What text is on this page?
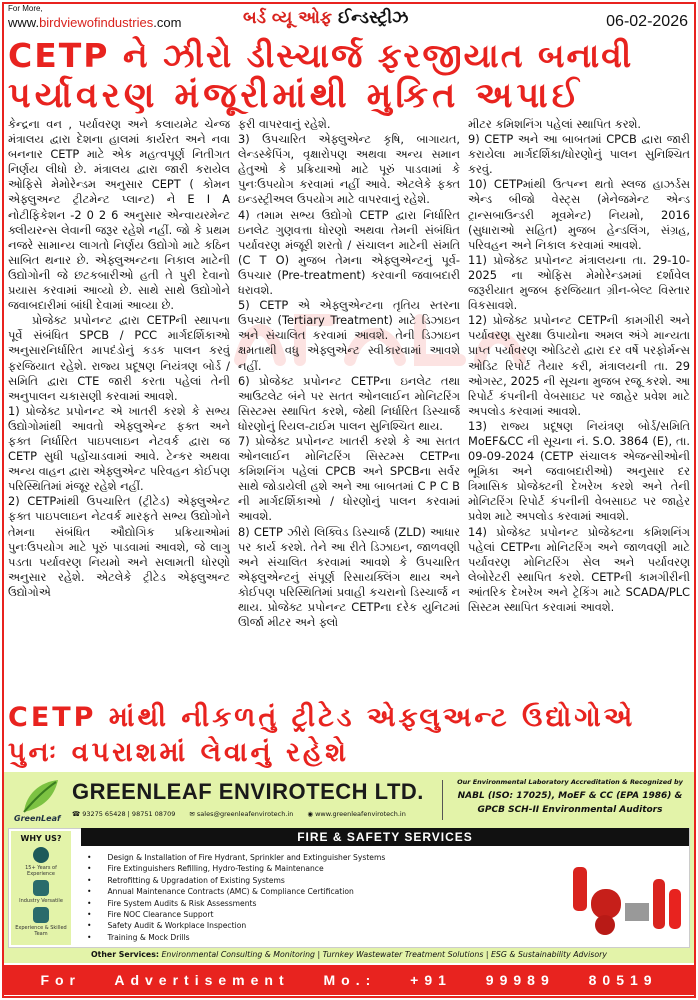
For More,
www.birdviewofindustries.com	બર્ડ વ્યૂ ઓફ ઈન્ડસ્ટ્રીઝ	06-02-2026
CETP ને ઝીરો ડીસ્ચાર્જ ફરજીયાત બનાવી
પર્યાવરણ મંજૂરીમાંથી મુકિત અપાઈ

કેન્દ્રના વન , પર્યાવરણ અને કલાયમેટ ચેન્જ મંત્રાલય દ્વારા દેશના હાલમાં કાર્યરત અને નવા બનનાર CETP માટે એક મહત્વપૂર્ણ નિતીગત નિર્ણય લીધો છે. મંત્રાલય દ્વારા જારી કરાયેલ ઓફિસે મેમોરેન્ડમ અનુસાર CEPT ( કોમન એફ્લુઅન્ટ ટ્રીટમેન્ટ પ્લાન્ટ) ને E I A નોટીફિકેશન -2 0 2 6 અનુસાર એન્વાયરમેન્ટ ક્લીયરન્સ લેવાની જરૂર રહેશે નહીં. જો કે પ્રથમ નજરે સામાન્ય લાગતો નિર્ણય ઉદ્યોગો માટે કઠિન સાબિત થનાર છે. એફ્લુઅન્ટના નિકાલ માટેની ઉદ્યોગોની જે છટકબારીઓ હતી તે પુરી દેવાનો પ્રયાસ કરવામાં આવ્યો છે. સાથે સાથે ઉદ્યોગોને જવાબદારીમાં બાંધી દેવામાં આવ્યા છે.

પ્રોજેક્ટ પ્રપોનન્ટ દ્વારા CETPની સ્થાપના પૂર્વે સંબંધિત SPCB / PCC માર્ગદર્શિકાઓ અનુસારનિર્ધારિત માપદંડોનું કડક પાલન કરવું ફરજિયાત રહેશે. રાજ્ય પ્રદૂષણ નિયંત્રણ બોર્ડ / સમિતિ દ્વારા CTE જારી કરતા પહેલાં તેની અનુપાલન ચકાસણી કરવામાં આવશે.

1) પ્રોજેક્ટ પ્રપોનન્ટ એ ખાતરી કરશે કે સભ્ય ઉદ્યોગોમાંથી આવતો એફ્લુએન્ટ ફક્ત અને ફક્ત નિર્ધારિત પાઇપલાઇન નેટવર્ક દ્વારા જ CETP સુધી પહોંચાડવામાં આવે. ટેન્કર અથવા અન્ય વાહન દ્વારા એફ્લુએન્ટ પરિવહન કોઈપણ પરિસ્થિતિમાં મંજૂર રહેશે નહીં.

2) CETPમાંથી ઉપચારિત (ટ્રીટેડ) એફ્લુએન્ટ ફક્ત પાઇપલાઇન નેટવર્ક મારફતે સભ્ય ઉદ્યોગોને તેમના સંબંધિત ઔદ્યોગિક પ્રક્રિયાઓમાં પુનઃઉપયોગ માટે પૂરું પાડવામાં આવશે, જે લાગુ પડતા પર્યાવરણ નિયમો અને સલામતી ધોરણો અનુસાર રહેશે. એટલેકે ટ્રીટેડ એફ્લુઅન્ટ ઉદ્યોગોએ

ફરી વાપરવાનું રહેશે.

3) ઉપચારિત એફ્લુએન્ટ કૃષિ, બાગાયત, લેન્ડસ્કેપિંગ, વૃક્ષારોપણ અથવા અન્ય સમાન હેતુઓ કે પ્રક્રિયાઓ માટે પૂરું પાડવામાં કે પુનઃઉપયોગ કરવામાં નહીં આવે. એટલેકે ફક્ત ઇન્ડસ્ટ્રીઅલ ઉપયોગ માટે વાપરવાનું રહેશે.

4) તમામ સભ્ય ઉદ્યોગો CETP દ્વારા નિર્ધારિત ઇનલેટ ગુણવત્તા ધોરણો અથવા તેમની સંબંધિત પર્યાવરણ મંજૂરી શરતો / સંચાલન માટેની સંમતિ (C T O) મુજબ તેમના એફ્લુએન્ટનું પૂર્વ-ઉપચાર (Pre-treatment) કરવાની જવાબદારી ધરાવશે.

5) CETP એ એફ્લુએન્ટના તૃતિય સ્તરના ઉપચાર (Tertiary Treatment) માટે ડિઝાઇન અને સંચાલિત કરવામાં આવશે. તેની ડિઝાઇન ક્ષમતાથી વધુ એફ્લુએન્ટ સ્વીકારવામાં આવશે નહીં.

6) પ્રોજેક્ટ પ્રપોનન્ટ CETPના ઇનલેટ તથા આઉટલેટ બંને પર સતત ઓનલાઈન મોનિટરિંગ સિસ્ટમ્સ સ્થાપિત કરશે, જેથી નિર્ધારિત ડિસ્ચાર્જ ધોરણોનું રિયલ-ટાઈમ પાલન સુનિશ્ચિત થાય.

7) પ્રોજેક્ટ પ્રપોનન્ટ ખાતરી કરશે કે આ સતત ઓનલાઈન મોનિટરિંગ સિસ્ટમ્સ CETPના કમિશનિંગ પહેલાં CPCB અને SPCBના સર્વર સાથે જોડાયેલી હશે અને આ બાબતમાં C P C B ની માર્ગદર્શિકાઓ / ધોરણોનું પાલન કરવામાં આવશે.

8) CETP ઝીરો લિક્વિડ ડિસ્ચાર્જ (ZLD) આધાર પર કાર્ય કરશે. તેને આ રીતે ડિઝાઇન, જાળવણી અને સંચાલિત કરવામાં આવશે કે ઉપચારિત એફ્લુએન્ટનું સંપૂર્ણ રિસાયક્લિંગ થાય અને કોઈપણ પરિસ્થિતિમાં પ્રવાહી કચરાનો ડિસ્ચાર્જ ન થાય. પ્રોજેક્ટ પ્રપોનન્ટ CETPના દરેક યુનિટમાં ઊર્જા મીટર અને ફ્લો

મીટર કમિશનિંગ પહેલાં સ્થાપિત કરશે.

9) CETP અને આ બાબતમાં CPCB દ્વારા જારી કરાયેલા માર્ગદર્શિકા/ધોરણોનું પાલન સુનિશ્ચિત કરવું.

10) CETPમાંથી ઉત્પન્ન થતો સ્લજ હાઝર્ડસ એન્ડ બીજો વેસ્ટ્સ (મેનેજમેન્ટ એન્ડ ટ્રાન્સબાઉન્ડરી મૂવમેન્ટ) નિયમો, 2016 (સુધારાઓ સહિત) મુજબ હેન્ડલિંગ, સંગ્રહ, પરિવહન અને નિકાલ કરવામાં આવશે.

11) પ્રોજેક્ટ પ્રપોનન્ટ મંત્રાલયના તા. 29-10-2025 ના ઓફિસ મેમોરેન્ડમમાં દર્શાવેલ જરૂરીયાત મુજબ ફરજિયાત ગ્રીન-બેલ્ટ વિસ્તાર વિકસાવશે.

12) પ્રોજેક્ટ પ્રપોનન્ટ CETPની કામગીરી અને પર્યાવરણ સુરક્ષા ઉપાયોના અમલ અંગે માન્યતા પ્રાપ્ત પર્યાવરણ ઓડિટરો દ્વારા દર વર્ષે પરફોર્મન્સ ઓડિટ રિપોર્ટ તૈયાર કરી, મંત્રાલયની તા. 29 ઓગસ્ટ, 2025 ની સૂચના મુજબ રજૂ કરશે. આ રિપોર્ટ કંપનીની વેબસાઇટ પર જાહેર પ્રવેશ માટે અપલોડ કરવામાં આવશે.

13) રાજ્ય પ્રદૂષણ નિયંત્રણ બોર્ડ/સમિતિ MoEF&CC ની સૂચના નં. S.O. 3864 (E), તા. 09-09-2024 (CETP સંચાલક એજન્સીઓની ભૂમિકા અને જવાબદારીઓ) અનુસાર દર ત્રિમાસિક પ્રોજેક્ટની દેખરેખ કરશે અને તેની મોનિટરિંગ રિપોર્ટ કંપનીની વેબસાઇટ પર જાહેર પ્રવેશ માટે અપલોડ કરવામાં આવશે.

14) પ્રોજેક્ટ પ્રપોનન્ટ પ્રોજેક્ટના કમિશનિંગ પહેલાં CETPના મોનિટરિંગ અને જાળવણી માટે પર્યાવરણ મોનિટરિંગ સેલ અને પર્યાવરણ લેબોરેટરી સ્થાપિત કરશે. CETPની કામગીરીની આંતરિક દેખરેખ અને ટ્રેકિંગ માટે SCADA/PLC સિસ્ટમ સ્થાપિત કરવામાં આવશે.

CETP માંથી નીકળતું ટ્રીટેડ એફ્લુઅન્ટ ઉદ્યોગોએ
પુનઃ વપરાશમાં લેવાનું રહેશે
GreenLeaf
GREENLEAF ENVIROTECH LTD.
☎ 93275 65428 | 98751 08709 ✉ sales@greenleafenvirotech.in ◉ www.greenleafenvirotech.in
Our Environmental Laboratory Accreditation & Recognized by
NABL (ISO: 17025), MoEF & CC (EPA 1986) &
GPCB SCH-II Environmental Auditors
WHY US?
15+ Years of Experience
Industry Versatile
Experience & Skilled Team
FIRE & SAFETY SERVICES
• Design & Installation of Fire Hydrant, Sprinkler and Extinguisher Systems
• Fire Extinguishers Refilling, Hydro-Testing & Maintenance
• Retrofitting & Upgradation of Existing Systems
• Annual Maintenance Contracts (AMC) & Compliance Certification
• Fire System Audits & Risk Assessments
• Fire NOC Clearance Support
• Safety Audit & Workplace Inspection
• Training & Mock Drills
Other Services: Environmental Consulting & Monitoring | Turnkey Wastewater Treatment Solutions | ESG & Sustainability Advisory
For Advertisement Mo.: +91 99989 80519
